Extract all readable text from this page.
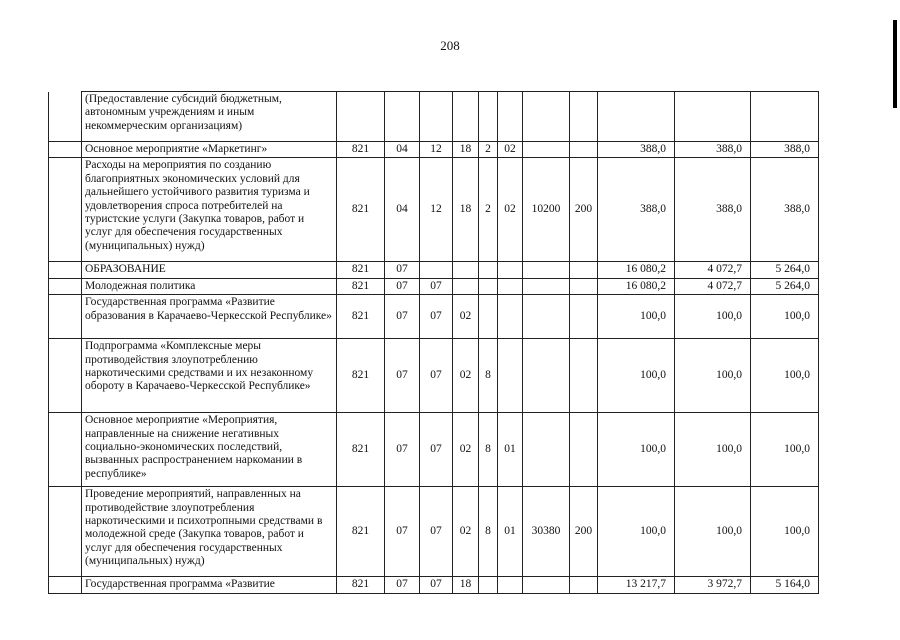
208
	(Предоставление субсидий бюджетным, автономным учреждениям и иным некоммерческим организациям)											
	Основное мероприятие «Маркетинг»	821	04	12	18	2	02			388,0	388,0	388,0
	Расходы на мероприятия по созданию благоприятных экономических условий для дальнейшего устойчивого развития туризма и удовлетворения спроса потребителей на туристские услуги (Закупка товаров, работ и услуг для обеспечения государственных (муниципальных) нужд)	821	04	12	18	2	02	10200	200	388,0	388,0	388,0
	ОБРАЗОВАНИЕ	821	07							16 080,2	4 072,7	5 264,0
	Молодежная политика	821	07	07						16 080,2	4 072,7	5 264,0
	Государственная программа «Развитие образования в Карачаево-Черкесской Республике»	821	07	07	02					100,0	100,0	100,0
	Подпрограмма «Комплексные меры противодействия злоупотреблению наркотическими средствами и их незаконному обороту в Карачаево-Черкесской Республике»	821	07	07	02	8				100,0	100,0	100,0
	Основное мероприятие «Мероприятия, направленные на снижение негативных социально-экономических последствий, вызванных распространением наркомании в республике»	821	07	07	02	8	01			100,0	100,0	100,0
	Проведение мероприятий, направленных на противодействие злоупотребления наркотическими и психотропными средствами в молодежной среде (Закупка товаров, работ и услуг для обеспечения государственных (муниципальных) нужд)	821	07	07	02	8	01	30380	200	100,0	100,0	100,0
	Государственная программа «Развитие	821	07	07	18					13 217,7	3 972,7	5 164,0
